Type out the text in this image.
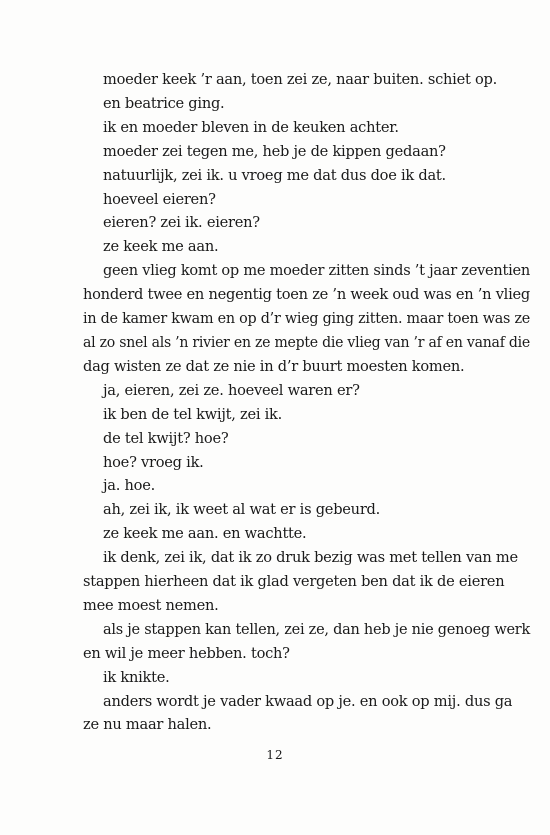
moeder keek ’r aan, toen zei ze, naar buiten. schiet op.

en beatrice ging.

ik en moeder bleven in de keuken achter.

moeder zei tegen me, heb je de kippen gedaan?

natuurlijk, zei ik. u vroeg me dat dus doe ik dat.

hoeveel eieren?

eieren? zei ik. eieren?

ze keek me aan.

geen vlieg komt op me moeder zitten sinds ’t jaar zeventien
honderd twee en negentig toen ze ’n week oud was en ’n vlieg
in de kamer kwam en op d’r wieg ging zitten. maar toen was ze
al zo snel als ’n rivier en ze mepte die vlieg van ’r af en vanaf die
dag wisten ze dat ze nie in d’r buurt moesten komen.

ja, eieren, zei ze. hoeveel waren er?

ik ben de tel kwijt, zei ik.

de tel kwijt? hoe?

hoe? vroeg ik.

ja. hoe.

ah, zei ik, ik weet al wat er is gebeurd.

ze keek me aan. en wachtte.

ik denk, zei ik, dat ik zo druk bezig was met tellen van me
stappen hierheen dat ik glad vergeten ben dat ik de eieren
mee moest nemen.

als je stappen kan tellen, zei ze, dan heb je nie genoeg werk
en wil je meer hebben. toch?

ik knikte.

anders wordt je vader kwaad op je. en ook op mij. dus ga
ze nu maar halen.

12
